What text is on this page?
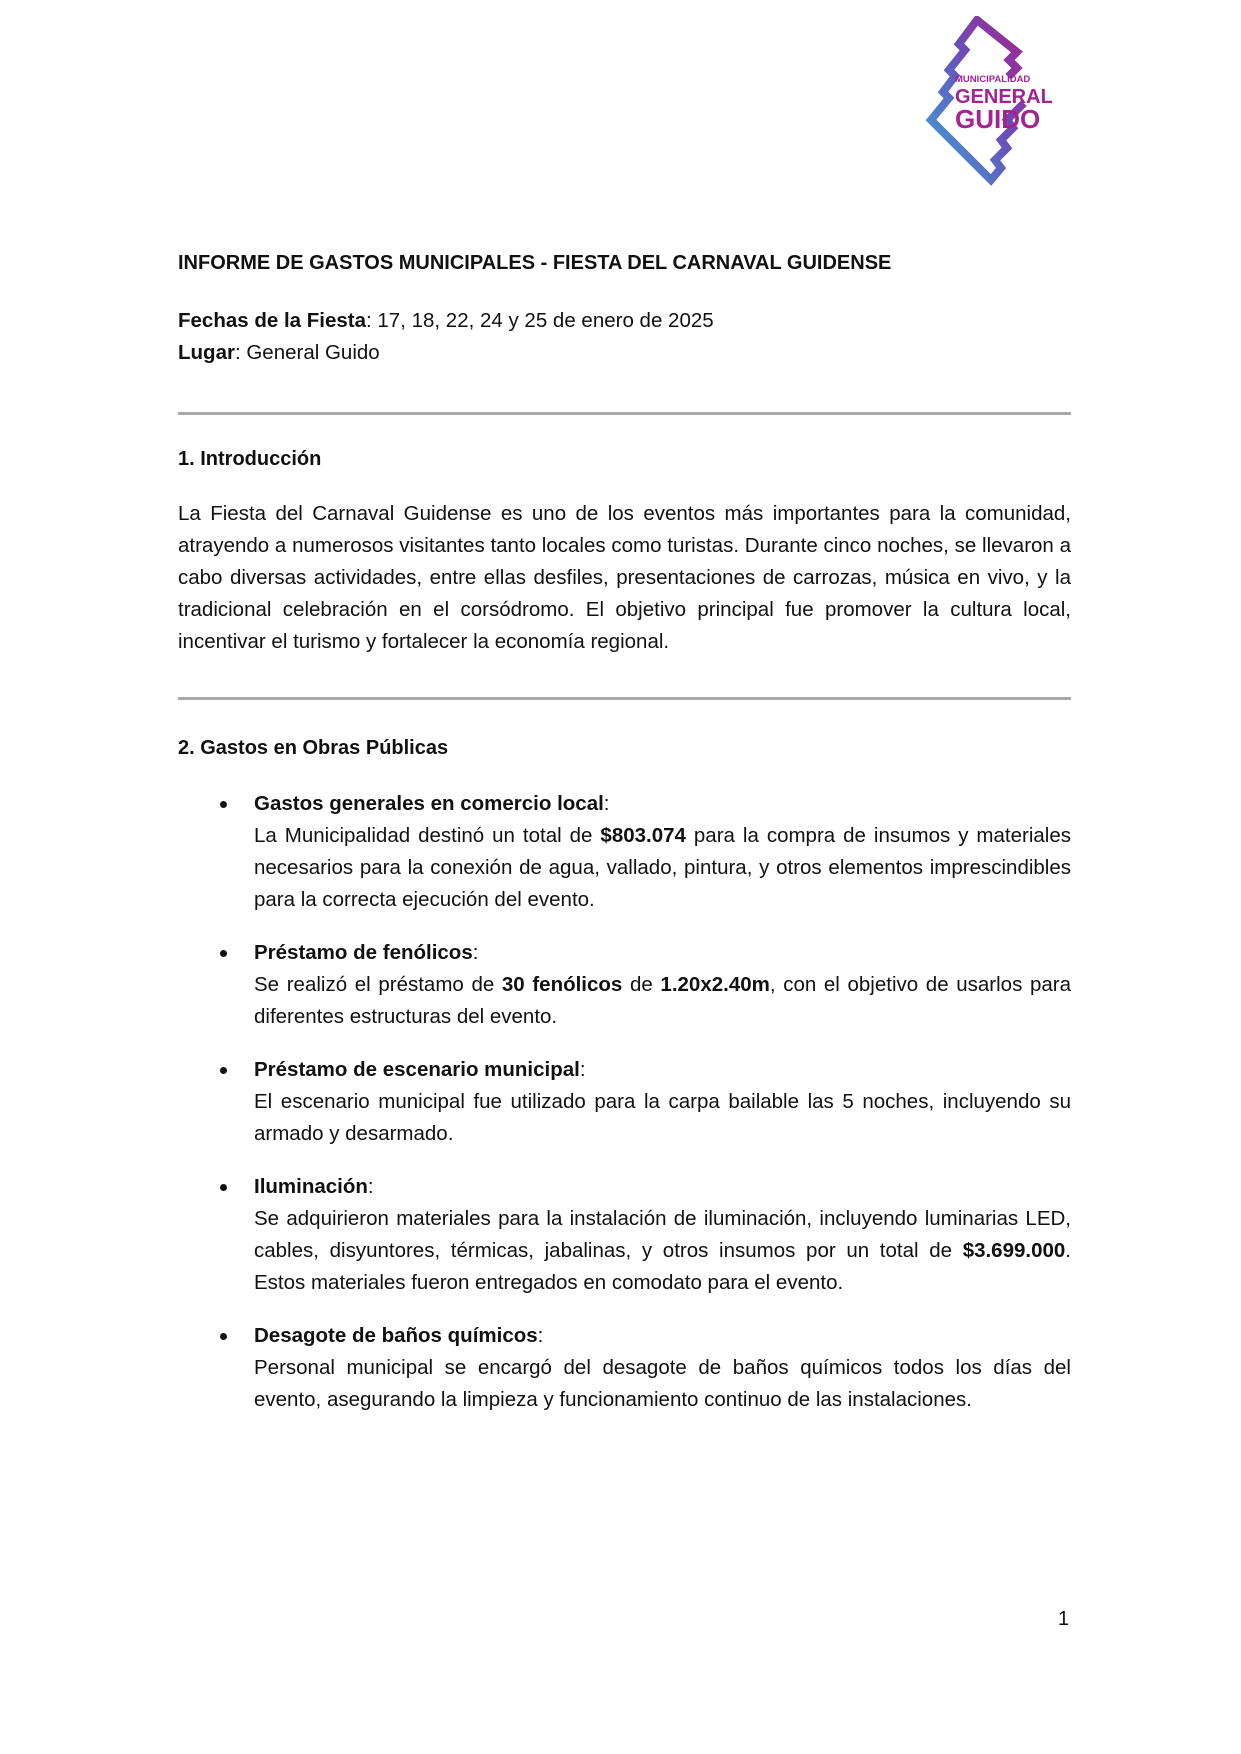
MUNICIPALIDAD
GENERAL
GUIDO
INFORME DE GASTOS MUNICIPALES - FIESTA DEL CARNAVAL GUIDENSE

Fechas de la Fiesta: 17, 18, 22, 24 y 25 de enero de 2025

Lugar: General Guido

1. Introducción

La Fiesta del Carnaval Guidense es uno de los eventos más importantes para la comunidad, atrayendo a numerosos visitantes tanto locales como turistas. Durante cinco noches, se llevaron a cabo diversas actividades, entre ellas desfiles, presentaciones de carrozas, música en vivo, y la tradicional celebración en el corsódromo. El objetivo principal fue promover la cultura local, incentivar el turismo y fortalecer la economía regional.

2. Gastos en Obras Públicas

Gastos generales en comercio local:

La Municipalidad destinó un total de $803.074 para la compra de insumos y materiales necesarios para la conexión de agua, vallado, pintura, y otros elementos imprescindibles para la correcta ejecución del evento.

Préstamo de fenólicos:

Se realizó el préstamo de 30 fenólicos de 1.20x2.40m, con el objetivo de usarlos para diferentes estructuras del evento.

Préstamo de escenario municipal:

El escenario municipal fue utilizado para la carpa bailable las 5 noches, incluyendo su armado y desarmado.

Iluminación:

Se adquirieron materiales para la instalación de iluminación, incluyendo luminarias LED, cables, disyuntores, térmicas, jabalinas, y otros insumos por un total de $3.699.000. Estos materiales fueron entregados en comodato para el evento.

Desagote de baños químicos:

Personal municipal se encargó del desagote de baños químicos todos los días del evento, asegurando la limpieza y funcionamiento continuo de las instalaciones.

1
